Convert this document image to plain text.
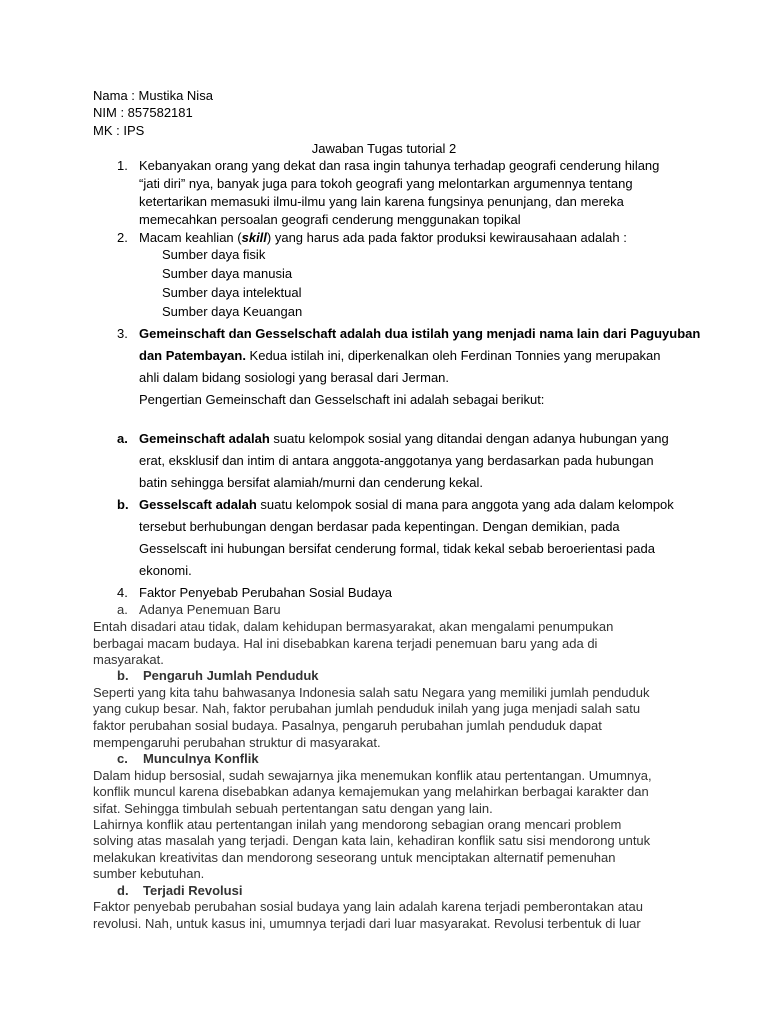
Nama : Mustika Nisa
NIM : 857582181
MK : IPS
Jawaban Tugas tutorial 2
1. Kebanyakan orang yang dekat dan rasa ingin tahunya terhadap geografi cenderung hilang
“jati diri” nya, banyak juga para tokoh geografi yang melontarkan argumennya tentang
ketertarikan memasuki ilmu-ilmu yang lain karena fungsinya penunjang, dan mereka
memecahkan persoalan geografi cenderung menggunakan topikal
2. Macam keahlian (skill) yang harus ada pada faktor produksi kewirausahaan adalah :
Sumber daya fisik
Sumber daya manusia
Sumber daya intelektual
Sumber daya Keuangan
3. Gemeinschaft dan Gesselschaft adalah dua istilah yang menjadi nama lain dari Paguyuban
dan Patembayan. Kedua istilah ini, diperkenalkan oleh Ferdinan Tonnies yang merupakan
ahli dalam bidang sosiologi yang berasal dari Jerman.
Pengertian Gemeinschaft dan Gesselschaft ini adalah sebagai berikut:
a. Gemeinschaft adalah suatu kelompok sosial yang ditandai dengan adanya hubungan yang
erat, eksklusif dan intim di antara anggota-anggotanya yang berdasarkan pada hubungan
batin sehingga bersifat alamiah/murni dan cenderung kekal.
b. Gesselscaft adalah suatu kelompok sosial di mana para anggota yang ada dalam kelompok
tersebut berhubungan dengan berdasar pada kepentingan. Dengan demikian, pada
Gesselscaft ini hubungan bersifat cenderung formal, tidak kekal sebab beroerientasi pada
ekonomi.
4. Faktor Penyebab Perubahan Sosial Budaya
a. Adanya Penemuan Baru
Entah disadari atau tidak, dalam kehidupan bermasyarakat, akan mengalami penumpukan
berbagai macam budaya. Hal ini disebabkan karena terjadi penemuan baru yang ada di
masyarakat.
b. Pengaruh Jumlah Penduduk
Seperti yang kita tahu bahwasanya Indonesia salah satu Negara yang memiliki jumlah penduduk
yang cukup besar. Nah, faktor perubahan jumlah penduduk inilah yang juga menjadi salah satu
faktor perubahan sosial budaya. Pasalnya, pengaruh perubahan jumlah penduduk dapat
mempengaruhi perubahan struktur di masyarakat.
c. Munculnya Konflik
Dalam hidup bersosial, sudah sewajarnya jika menemukan konflik atau pertentangan. Umumnya,
konflik muncul karena disebabkan adanya kemajemukan yang melahirkan berbagai karakter dan
sifat. Sehingga timbulah sebuah pertentangan satu dengan yang lain.
Lahirnya konflik atau pertentangan inilah yang mendorong sebagian orang mencari problem
solving atas masalah yang terjadi. Dengan kata lain, kehadiran konflik satu sisi mendorong untuk
melakukan kreativitas dan mendorong seseorang untuk menciptakan alternatif pemenuhan
sumber kebutuhan.
d. Terjadi Revolusi
Faktor penyebab perubahan sosial budaya yang lain adalah karena terjadi pemberontakan atau
revolusi. Nah, untuk kasus ini, umumnya terjadi dari luar masyarakat. Revolusi terbentuk di luar
